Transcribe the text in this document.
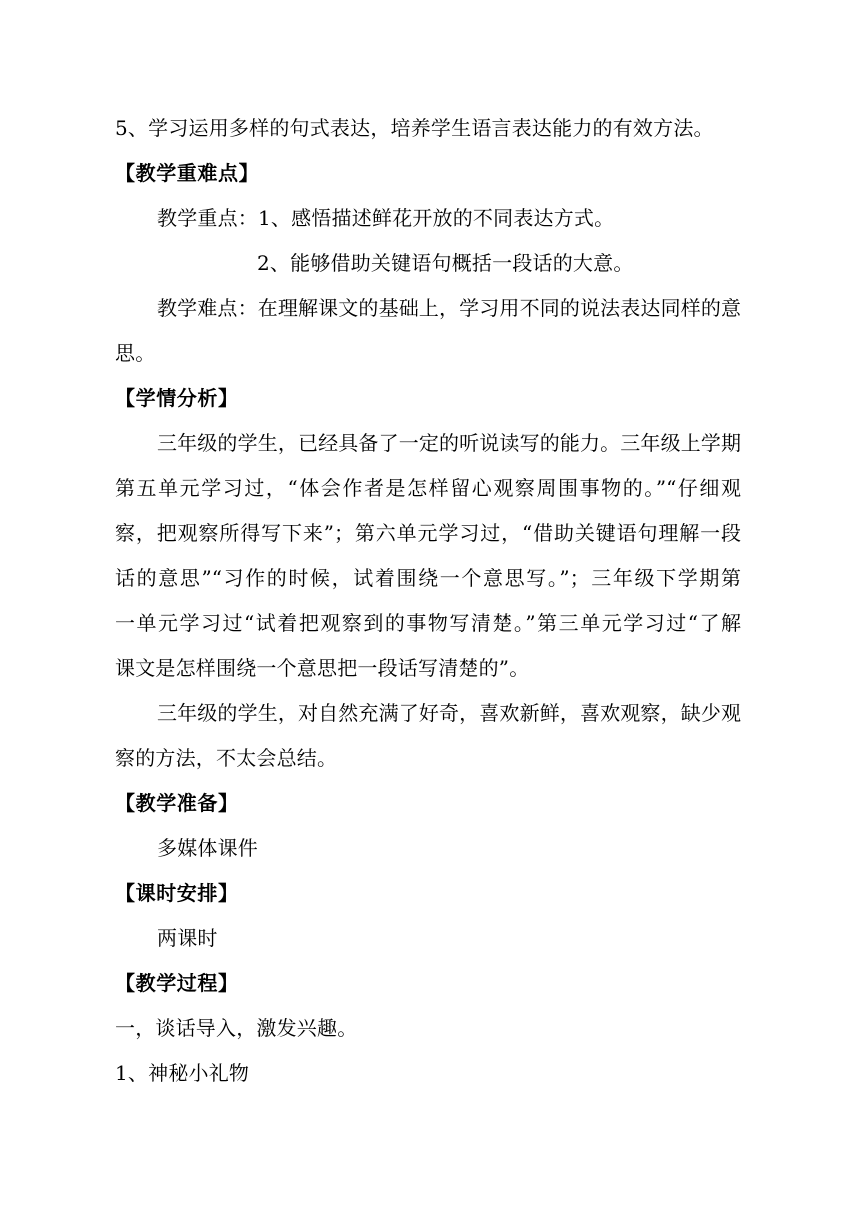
5、学习运用多样的句式表达，培养学生语言表达能力的有效方法。
【教学重难点】
教学重点：1、感悟描述鲜花开放的不同表达方式。
2、能够借助关键语句概括一段话的大意。
教学难点：在理解课文的基础上，学习用不同的说法表达同样的意
思。
【学情分析】
三年级的学生，已经具备了一定的听说读写的能力。三年级上学期
第五单元学习过，“体会作者是怎样留心观察周围事物的。”“仔细观
察，把观察所得写下来”；第六单元学习过，“借助关键语句理解一段
话的意思”“习作的时候，试着围绕一个意思写。”；三年级下学期第
一单元学习过“试着把观察到的事物写清楚。”第三单元学习过“了解
课文是怎样围绕一个意思把一段话写清楚的”。
三年级的学生，对自然充满了好奇，喜欢新鲜，喜欢观察，缺少观
察的方法，不太会总结。
【教学准备】
多媒体课件
【课时安排】
两课时
【教学过程】
一，谈话导入，激发兴趣。
1、神秘小礼物
